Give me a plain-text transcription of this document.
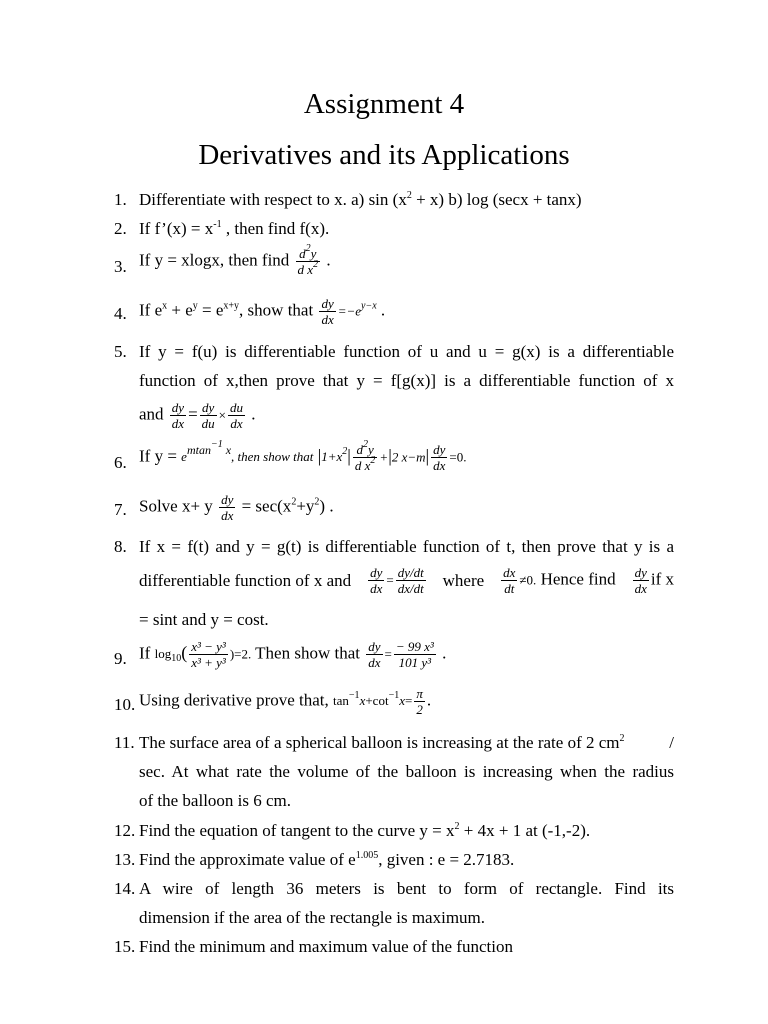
Assignment 4
Derivatives and its Applications
1. Differentiate with respect to x. a) $\sin (x^2 + x)$ b) log (secx + tanx)
2. If f’(x) = $x^{-1}$ , then find f(x).
3. If y = xlogx, then find $\frac{d^2y}{d x^2}$ .
4. If $e^x + e^y = e^{x+y}$, show that $\frac{dy}{dx} =-e^{y-x}$ .
5. If y = f(u) is differentiable function of u and u = g(x) is a differentiable
function of x,then prove that y = f[g(x)] is a differentiable function of x
and $\frac{dy}{dx} = \frac{dy}{du} \times \frac{du}{dx}$ .
6. If $y = e^{mtan^{-1} x}$, then show that $|1+x^2| \frac{d^2y}{d x^2} +|2$ $x-m| \frac{dy}{dx} =0$.
7. Solve x+ y $\frac{dy}{dx} = \sec(x^2+y^2)$ .
8. If x = f(t) and y = g(t) is differentiable function of t, then prove that y is a
differentiable function of x and $\frac{dy}{dx} = \frac{dy/dt}{dx/dt}$ where $\frac{dx}{dt} \ne 0$. Hence find $\frac{dy}{dx}$ if x
= sint and y = cost.
9. If $\log_{10}( \frac{\text{x³ − y³}}{\text{x³ + y³}} )=2$. Then show that $\frac{dy}{dx} = \frac{\text{− 99 x³}}{\text{101 y³}}$ .
10. Using derivative prove that, $\tan^{-1}x+\cot^{-1}x= \frac{\pi}{2}$ .
11. The surface area of a spherical balloon is increasing at the rate of 2 $cm^2$	/
sec. At what rate the volume of the balloon is increasing when the radius
of the balloon is 6 cm.
12. Find the equation of tangent to the curve $y = x^2 + 4x + 1$ at (-1,-2).
13. Find the approximate value of $e^{1.005}$, given : e = 2.7183.
14. A wire of length 36 meters is bent to form of rectangle. Find its
dimension if the area of the rectangle is maximum.
15. Find the minimum and maximum value of the function
